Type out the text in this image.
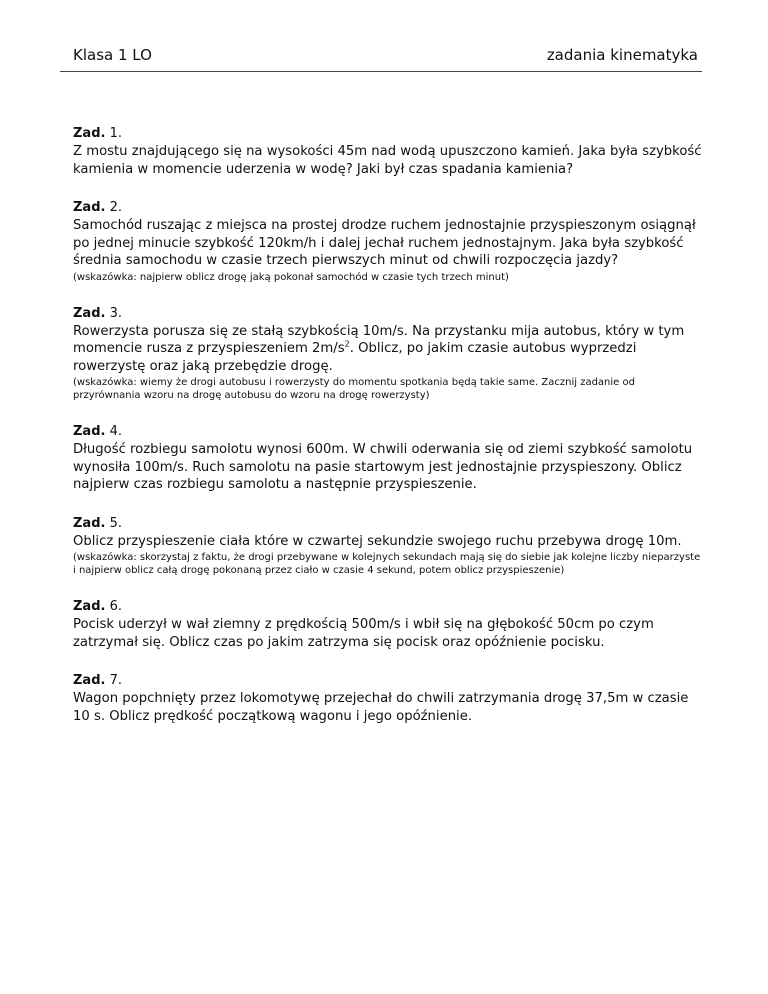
Klasa 1 LO	zadania kinematyka
Zad. 1.
Z mostu znajdującego się na wysokości 45m nad wodą upuszczono kamień. Jaka była szybkość kamienia w momencie uderzenia w wodę? Jaki był czas spadania kamienia?
Zad. 2.
Samochód ruszając z miejsca na prostej drodze ruchem jednostajnie przyspieszonym osiągnął po jednej minucie szybkość 120km/h i dalej jechał ruchem jednostajnym. Jaka była szybkość średnia samochodu w czasie trzech pierwszych minut od chwili rozpoczęcia jazdy?
(wskazówka: najpierw oblicz drogę jaką pokonał samochód w czasie tych trzech minut)
Zad. 3.
Rowerzysta porusza się ze stałą szybkością 10m/s. Na przystanku mija autobus, który w tym momencie rusza z przyspieszeniem $2m/s^2$. Oblicz, po jakim czasie autobus wyprzedzi rowerzystę oraz jaką przebędzie drogę.
(wskazówka: wiemy że drogi autobusu i rowerzysty do momentu spotkania będą takie same. Zacznij zadanie od przyrównania wzoru na drogę autobusu do wzoru na drogę rowerzysty)
Zad. 4.
Długość rozbiegu samolotu wynosi 600m. W chwili oderwania się od ziemi szybkość samolotu wynosiła 100m/s. Ruch samolotu na pasie startowym jest jednostajnie przyspieszony. Oblicz najpierw czas rozbiegu samolotu a następnie przyspieszenie.
Zad. 5.
Oblicz przyspieszenie ciała które w czwartej sekundzie swojego ruchu przebywa drogę 10m.
(wskazówka: skorzystaj z faktu, że drogi przebywane w kolejnych sekundach mają się do siebie jak kolejne liczby nieparzyste i najpierw oblicz całą drogę pokonaną przez ciało w czasie 4 sekund, potem oblicz przyspieszenie)
Zad. 6.
Pocisk uderzył w wał ziemny z prędkością 500m/s i wbił się na głębokość 50cm po czym zatrzymał się. Oblicz czas po jakim zatrzyma się pocisk oraz opóźnienie pocisku.
Zad. 7.
Wagon popchnięty przez lokomotywę przejechał do chwili zatrzymania drogę 37,5m w czasie 10 s. Oblicz prędkość początkową wagonu i jego opóźnienie.
